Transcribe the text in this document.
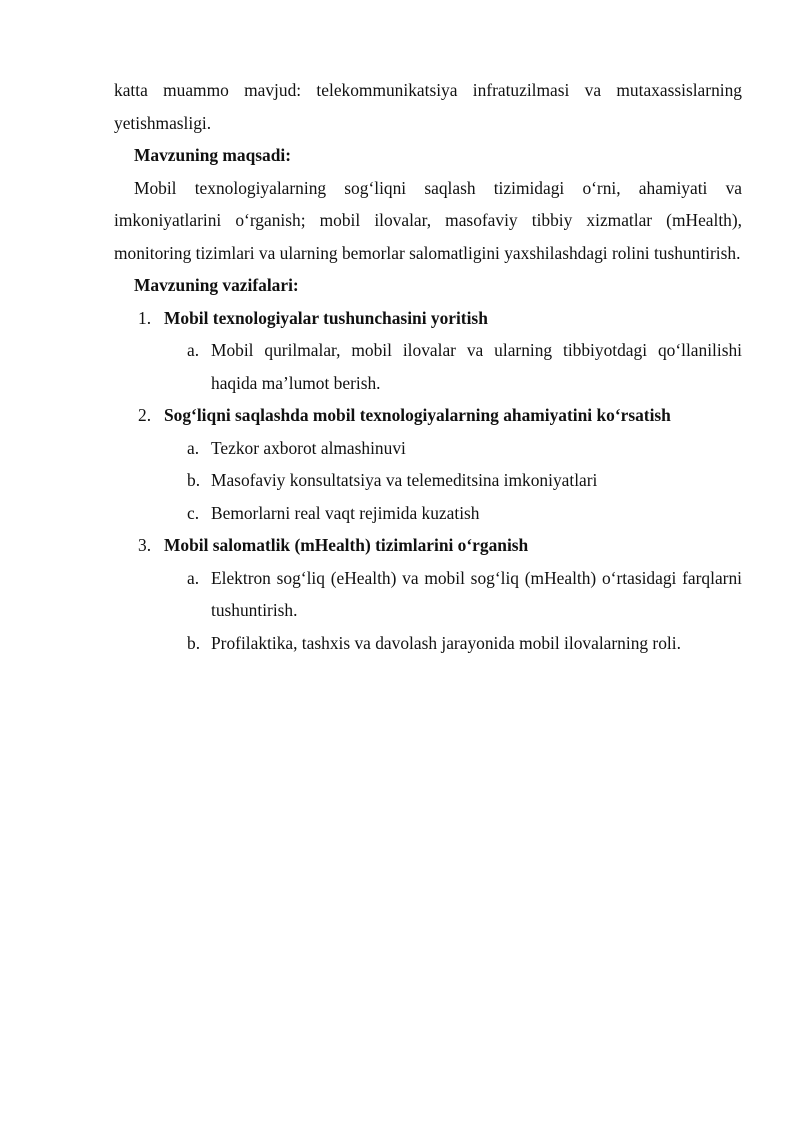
katta muammo mavjud: telekommunikatsiya infratuzilmasi va mutaxassislarning yetishmasligi.

Mavzuning maqsadi:

Mobil texnologiyalarning sog‘liqni saqlash tizimidagi o‘rni, ahamiyati va imkoniyatlarini o‘rganish; mobil ilovalar, masofaviy tibbiy xizmatlar (mHealth), monitoring tizimlari va ularning bemorlar salomatligini yaxshilashdagi rolini tushuntirish.

Mavzuning vazifalari:

1. Mobil texnologiyalar tushunchasini yoritish
a. Mobil qurilmalar, mobil ilovalar va ularning tibbiyotdagi qo‘llanilishi haqida ma’lumot berish.
2. Sog‘liqni saqlashda mobil texnologiyalarning ahamiyatini ko‘rsatish
a. Tezkor axborot almashinuvi
b. Masofaviy konsultatsiya va telemeditsina imkoniyatlari
c. Bemorlarni real vaqt rejimida kuzatish
3. Mobil salomatlik (mHealth) tizimlarini o‘rganish
a. Elektron sog‘liq (eHealth) va mobil sog‘liq (mHealth) o‘rtasidagi farqlarni tushuntirish.
b. Profilaktika, tashxis va davolash jarayonida mobil ilovalarning roli.
